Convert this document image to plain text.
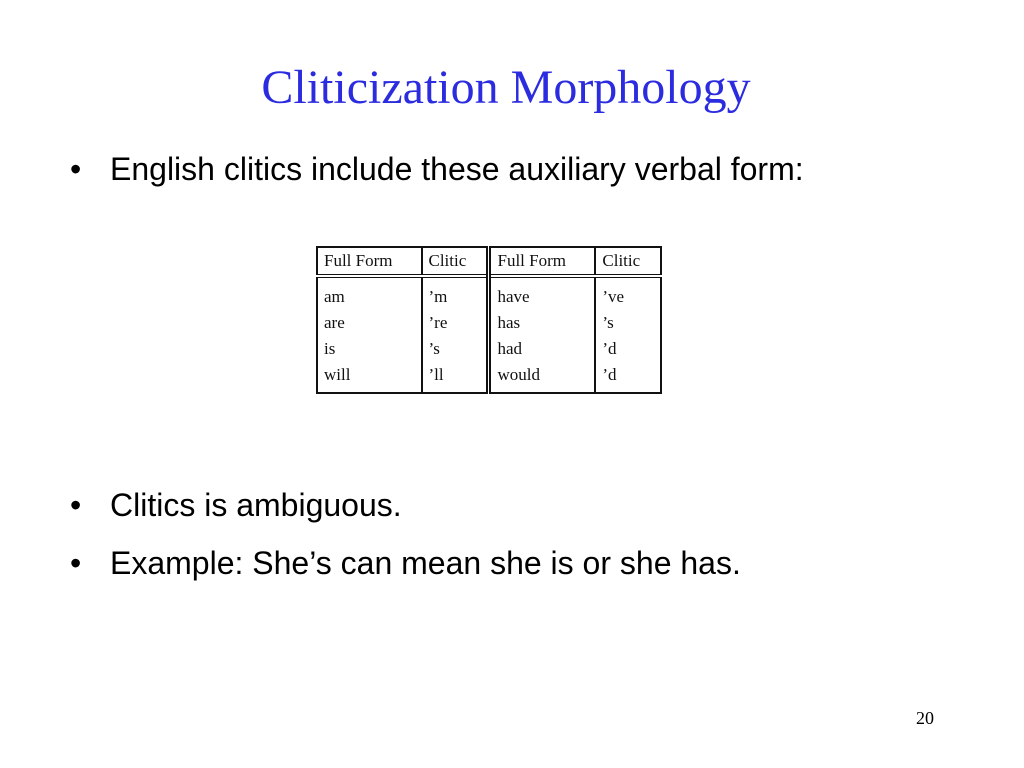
Cliticization Morphology
• English clitics include these auxiliary verbal form:
Full Form	Clitic	Full Form	Clitic
am	’m	have	’ve
are	’re	has	’s
is	’s	had	’d
will	’ll	would	’d
• Clitics is ambiguous.
• Example: She’s can mean she is or she has.
20
